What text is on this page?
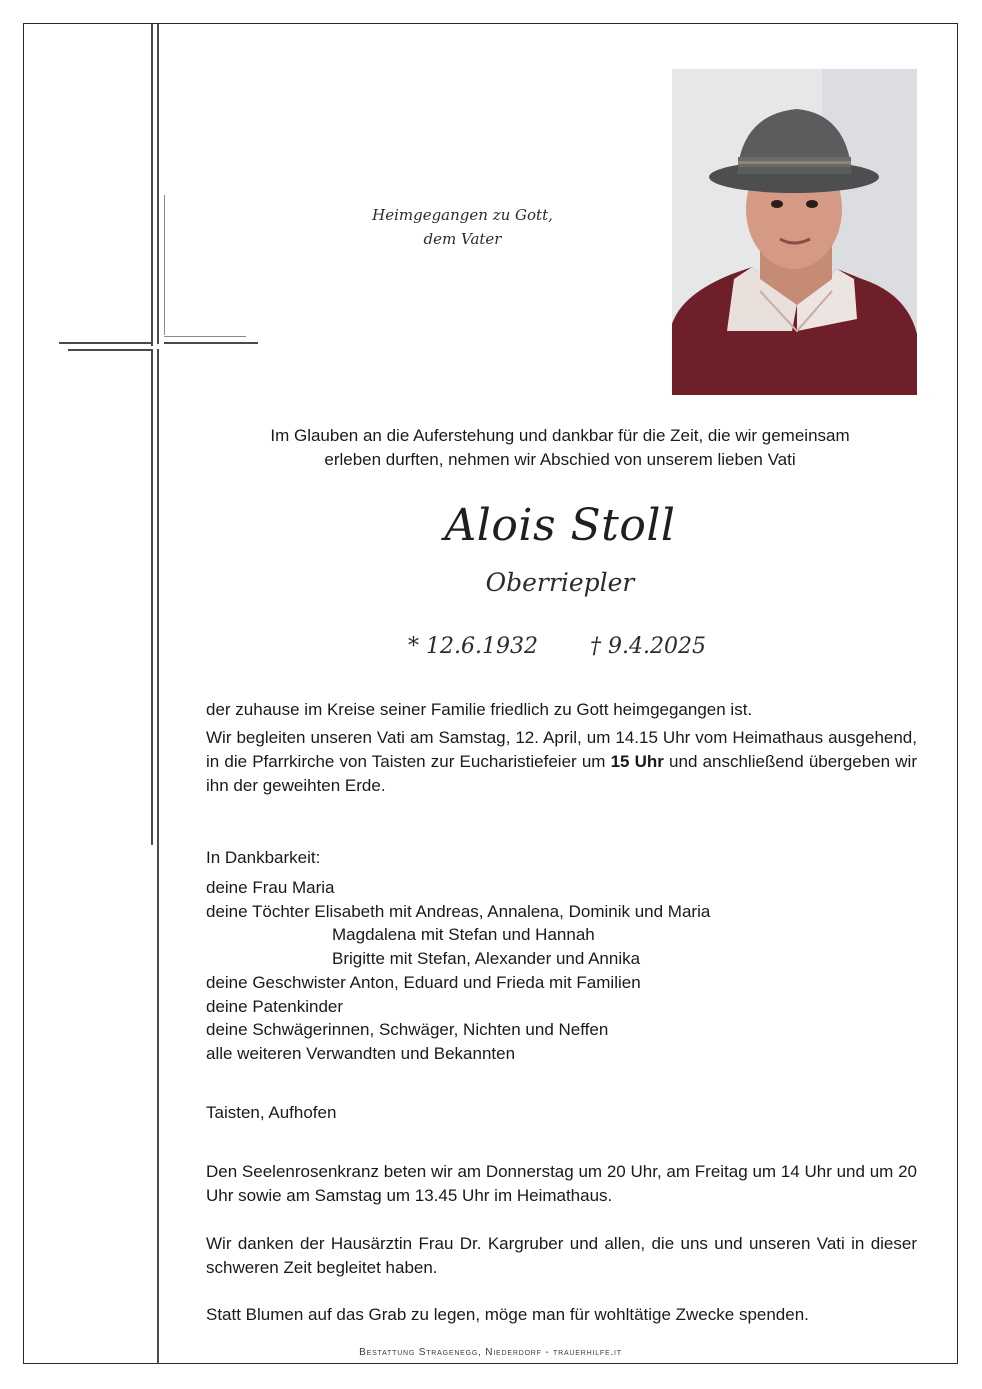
Heimgegangen zu Gott,
dem Vater
Im Glauben an die Auferstehung und dankbar für die Zeit, die wir gemeinsam
erleben durften, nehmen wir Abschied von unserem lieben Vati
Alois Stoll
Oberriepler
* 12.6.1932 † 9.4.2025

der zuhause im Kreise seiner Familie friedlich zu Gott heimgegangen ist.

Wir begleiten unseren Vati am Samstag, 12. April, um 14.15 Uhr vom Heimathaus ausgehend, in die Pfarrkirche von Taisten zur Eucharistiefeier um 15 Uhr und anschließend übergeben wir ihn der geweihten Erde.

In Dankbarkeit:
deine Frau Maria
deine Töchter Elisabeth mit Andreas, Annalena, Dominik und Maria
Magdalena mit Stefan und Hannah
Brigitte mit Stefan, Alexander und Annika
deine Geschwister Anton, Eduard und Frieda mit Familien
deine Patenkinder
deine Schwägerinnen, Schwäger, Nichten und Neffen
alle weiteren Verwandten und Bekannten
Taisten, Aufhofen
Den Seelenrosenkranz beten wir am Donnerstag um 20 Uhr, am Freitag um 14 Uhr und um 20 Uhr sowie am Samstag um 13.45 Uhr im Heimathaus.
Wir danken der Hausärztin Frau Dr. Kargruber und allen, die uns und unseren Vati in dieser schweren Zeit begleitet haben.
Statt Blumen auf das Grab zu legen, möge man für wohltätige Zwecke spenden.
Bestattung Stragenegg, Niederdorf - trauerhilfe.it
